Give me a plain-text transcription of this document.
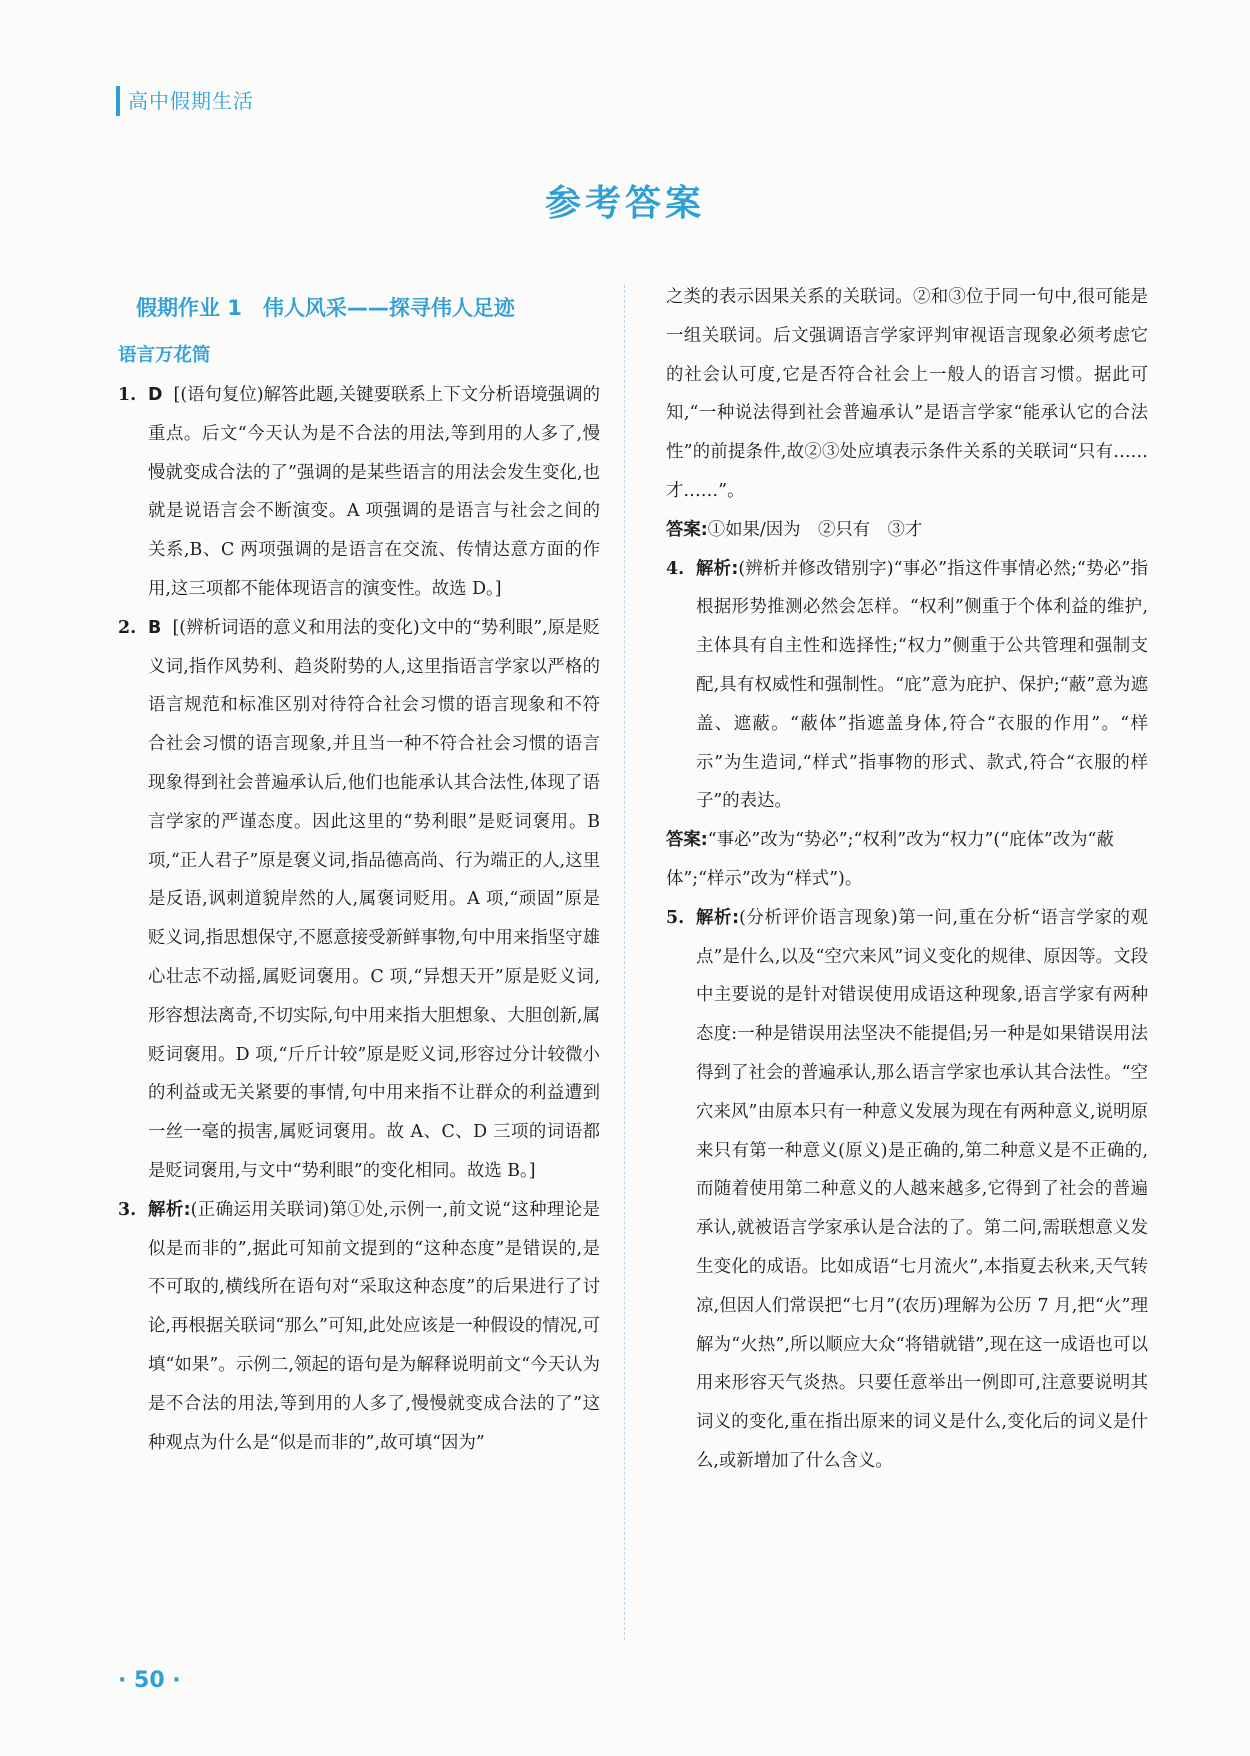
高中假期生活
参考答案
假期作业 1　伟人风采——探寻伟人足迹
语言万花筒

1. D [(语句复位)解答此题,关键要联系上下文分析语境强调的重点。后文“今天认为是不合法的用法,等到用的人多了,慢慢就变成合法的了”强调的是某些语言的用法会发生变化,也就是说语言会不断演变。A 项强调的是语言与社会之间的关系,B、C 两项强调的是语言在交流、传情达意方面的作用,这三项都不能体现语言的演变性。故选 D。]

2. B [(辨析词语的意义和用法的变化)文中的“势利眼”,原是贬义词,指作风势利、趋炎附势的人,这里指语言学家以严格的语言规范和标准区别对待符合社会习惯的语言现象和不符合社会习惯的语言现象,并且当一种不符合社会习惯的语言现象得到社会普遍承认后,他们也能承认其合法性,体现了语言学家的严谨态度。因此这里的“势利眼”是贬词褒用。B 项,“正人君子”原是褒义词,指品德高尚、行为端正的人,这里是反语,讽刺道貌岸然的人,属褒词贬用。A 项,“顽固”原是贬义词,指思想保守,不愿意接受新鲜事物,句中用来指坚守雄心壮志不动摇,属贬词褒用。C 项,“异想天开”原是贬义词,形容想法离奇,不切实际,句中用来指大胆想象、大胆创新,属贬词褒用。D 项,“斤斤计较”原是贬义词,形容过分计较微小的利益或无关紧要的事情,句中用来指不让群众的利益遭到一丝一毫的损害,属贬词褒用。故 A、C、D 三项的词语都是贬词褒用,与文中“势利眼”的变化相同。故选 B。]

3. 解析:(正确运用关联词)第①处,示例一,前文说“这种理论是似是而非的”,据此可知前文提到的“这种态度”是错误的,是不可取的,横线所在语句对“采取这种态度”的后果进行了讨论,再根据关联词“那么”可知,此处应该是一种假设的情况,可填“如果”。示例二,领起的语句是为解释说明前文“今天认为是不合法的用法,等到用的人多了,慢慢就变成合法的了”这种观点为什么是“似是而非的”,故可填“因为”

之类的表示因果关系的关联词。②和③位于同一句中,很可能是一组关联词。后文强调语言学家评判审视语言现象必须考虑它的社会认可度,它是否符合社会上一般人的语言习惯。据此可知,“一种说法得到社会普遍承认”是语言学家“能承认它的合法性”的前提条件,故②③处应填表示条件关系的关联词“只有……才……”。

答案:①如果/因为　②只有　③才

4. 解析:(辨析并修改错别字)“事必”指这件事情必然;“势必”指根据形势推测必然会怎样。“权利”侧重于个体利益的维护,主体具有自主性和选择性;“权力”侧重于公共管理和强制支配,具有权威性和强制性。“庇”意为庇护、保护;“蔽”意为遮盖、遮蔽。“蔽体”指遮盖身体,符合“衣服的作用”。“样示”为生造词,“样式”指事物的形式、款式,符合“衣服的样子”的表达。

答案:“事必”改为“势必”;“权利”改为“权力”(“庇体”改为“蔽体”;“样示”改为“样式”)。

5. 解析:(分析评价语言现象)第一问,重在分析“语言学家的观点”是什么,以及“空穴来风”词义变化的规律、原因等。文段中主要说的是针对错误使用成语这种现象,语言学家有两种态度:一种是错误用法坚决不能提倡;另一种是如果错误用法得到了社会的普遍承认,那么语言学家也承认其合法性。“空穴来风”由原本只有一种意义发展为现在有两种意义,说明原来只有第一种意义(原义)是正确的,第二种意义是不正确的,而随着使用第二种意义的人越来越多,它得到了社会的普遍承认,就被语言学家承认是合法的了。第二问,需联想意义发生变化的成语。比如成语“七月流火”,本指夏去秋来,天气转凉,但因人们常误把“七月”(农历)理解为公历 7 月,把“火”理解为“火热”,所以顺应大众“将错就错”,现在这一成语也可以用来形容天气炎热。只要任意举出一例即可,注意要说明其词义的变化,重在指出原来的词义是什么,变化后的词义是什么,或新增加了什么含义。

· 50 ·
